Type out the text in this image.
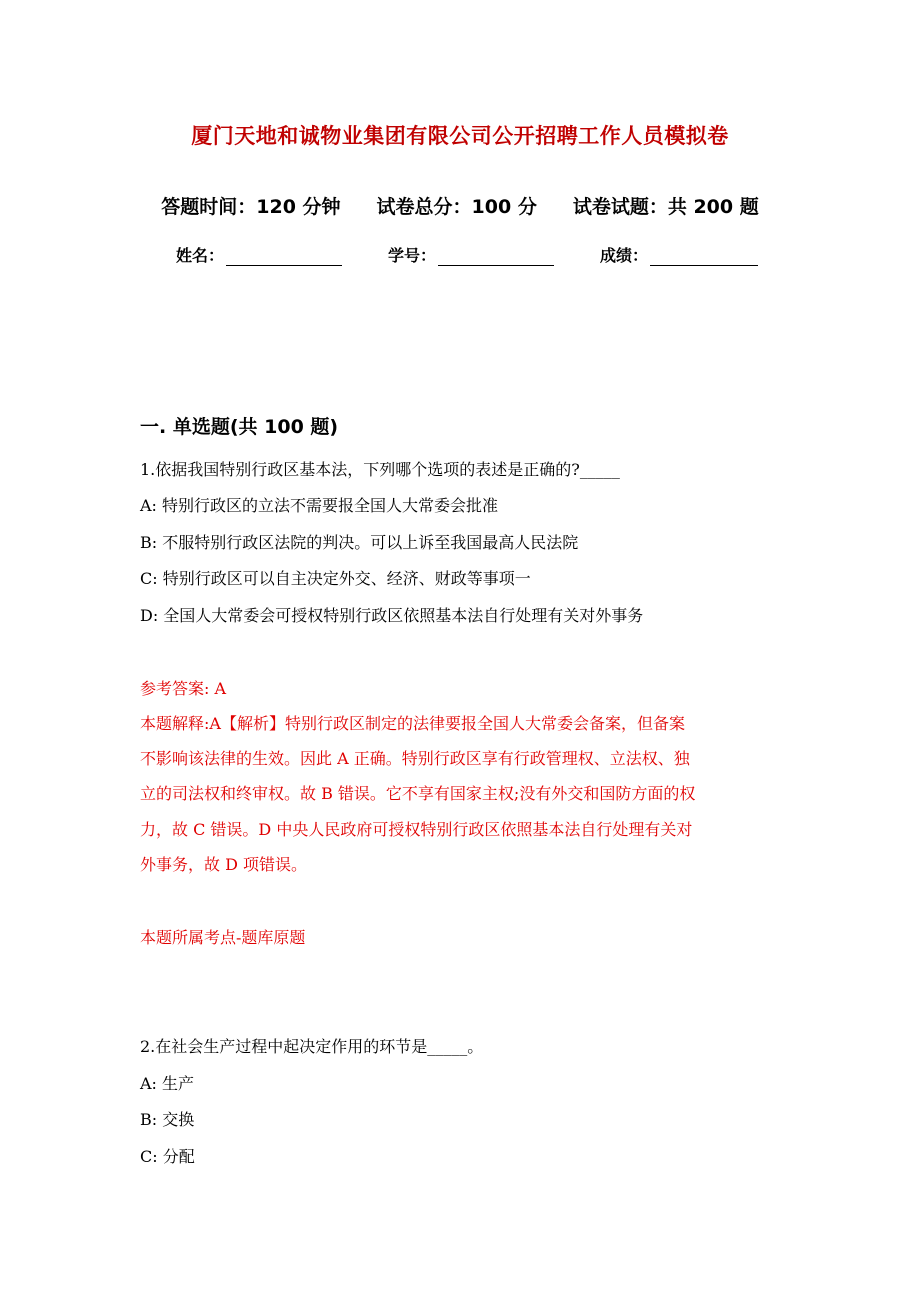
厦门天地和诚物业集团有限公司公开招聘工作人员模拟卷
答题时间：120 分钟 试卷总分：100 分 试卷试题：共 200 题
姓名：	学号：	成绩：
一. 单选题(共 100 题)
1.依据我国特别行政区基本法，下列哪个选项的表述是正确的?_____
A: 特别行政区的立法不需要报全国人大常委会批准
B: 不服特别行政区法院的判决。可以上诉至我国最高人民法院
C: 特别行政区可以自主决定外交、经济、财政等事项一
D: 全国人大常委会可授权特别行政区依照基本法自行处理有关对外事务
参考答案: A
本题解释:A【解析】特别行政区制定的法律要报全国人大常委会备案，但备案
不影响该法律的生效。因此 A 正确。特别行政区享有行政管理权、立法权、独
立的司法权和终审权。故 B 错误。它不享有国家主权;没有外交和国防方面的权
力，故 C 错误。D 中央人民政府可授权特别行政区依照基本法自行处理有关对
外事务，故 D 项错误。
本题所属考点-题库原题
2.在社会生产过程中起决定作用的环节是_____。
A: 生产
B: 交换
C: 分配
